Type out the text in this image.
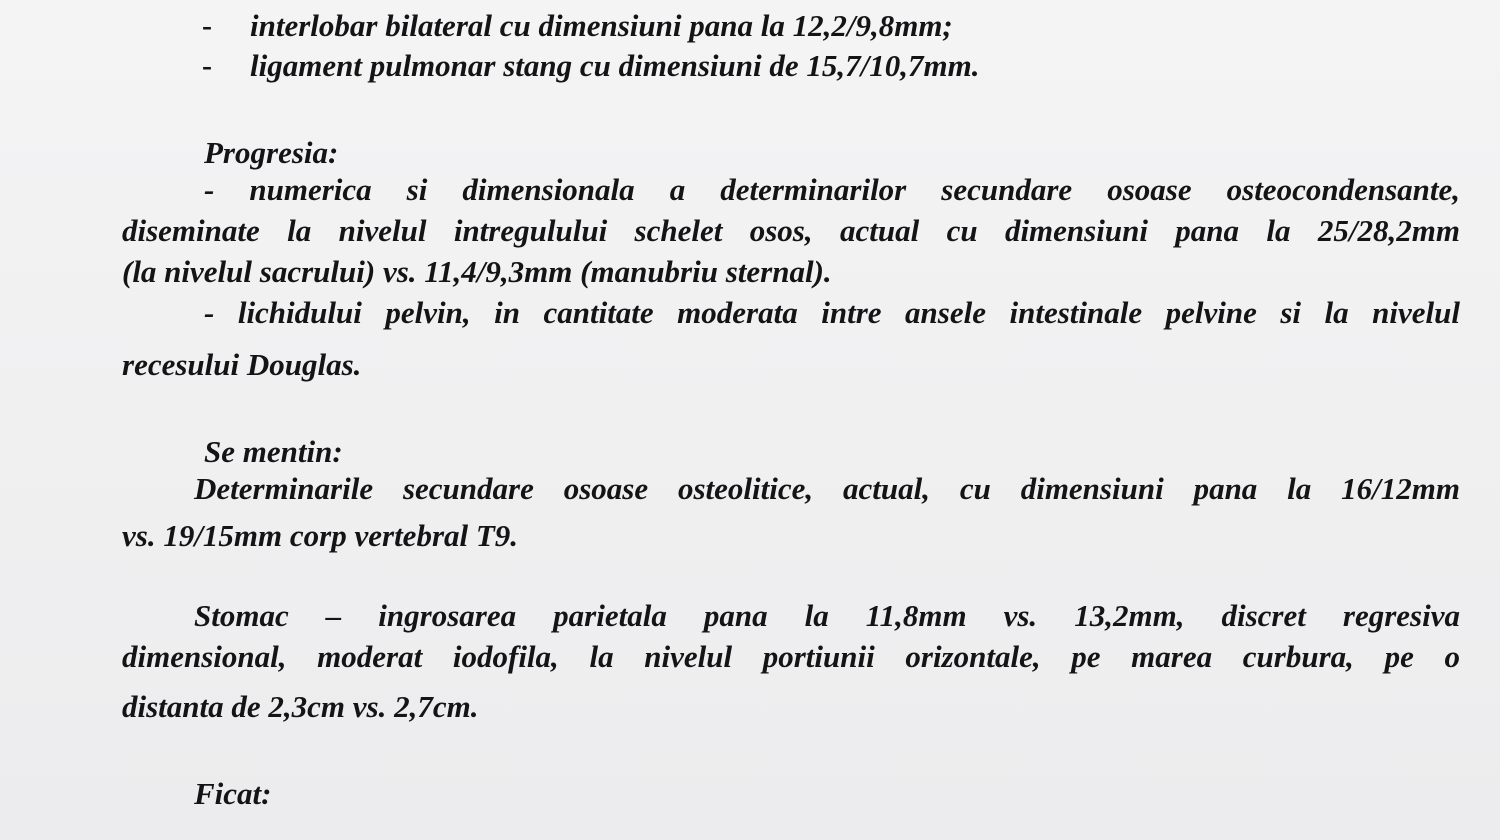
- interlobar bilateral cu dimensiuni pana la 12,2/9,8mm;
- ligament pulmonar stang cu dimensiuni de 15,7/10,7mm.
Progresia:
- numerica si dimensionala a determinarilor secundare osoase osteocondensante,
diseminate la nivelul intregulului schelet osos, actual cu dimensiuni pana la 25/28,2mm
(la nivelul sacrului) vs. 11,4/9,3mm (manubriu sternal).
- lichidului pelvin, in cantitate moderata intre ansele intestinale pelvine si la nivelul
recesului Douglas.
Se mentin:
Determinarile secundare osoase osteolitice, actual, cu dimensiuni pana la 16/12mm
vs. 19/15mm corp vertebral T9.
Stomac – ingrosarea parietala pana la 11,8mm vs. 13,2mm, discret regresiva
dimensional, moderat iodofila, la nivelul portiunii orizontale, pe marea curbura, pe o
distanta de 2,3cm vs. 2,7cm.
Ficat:
